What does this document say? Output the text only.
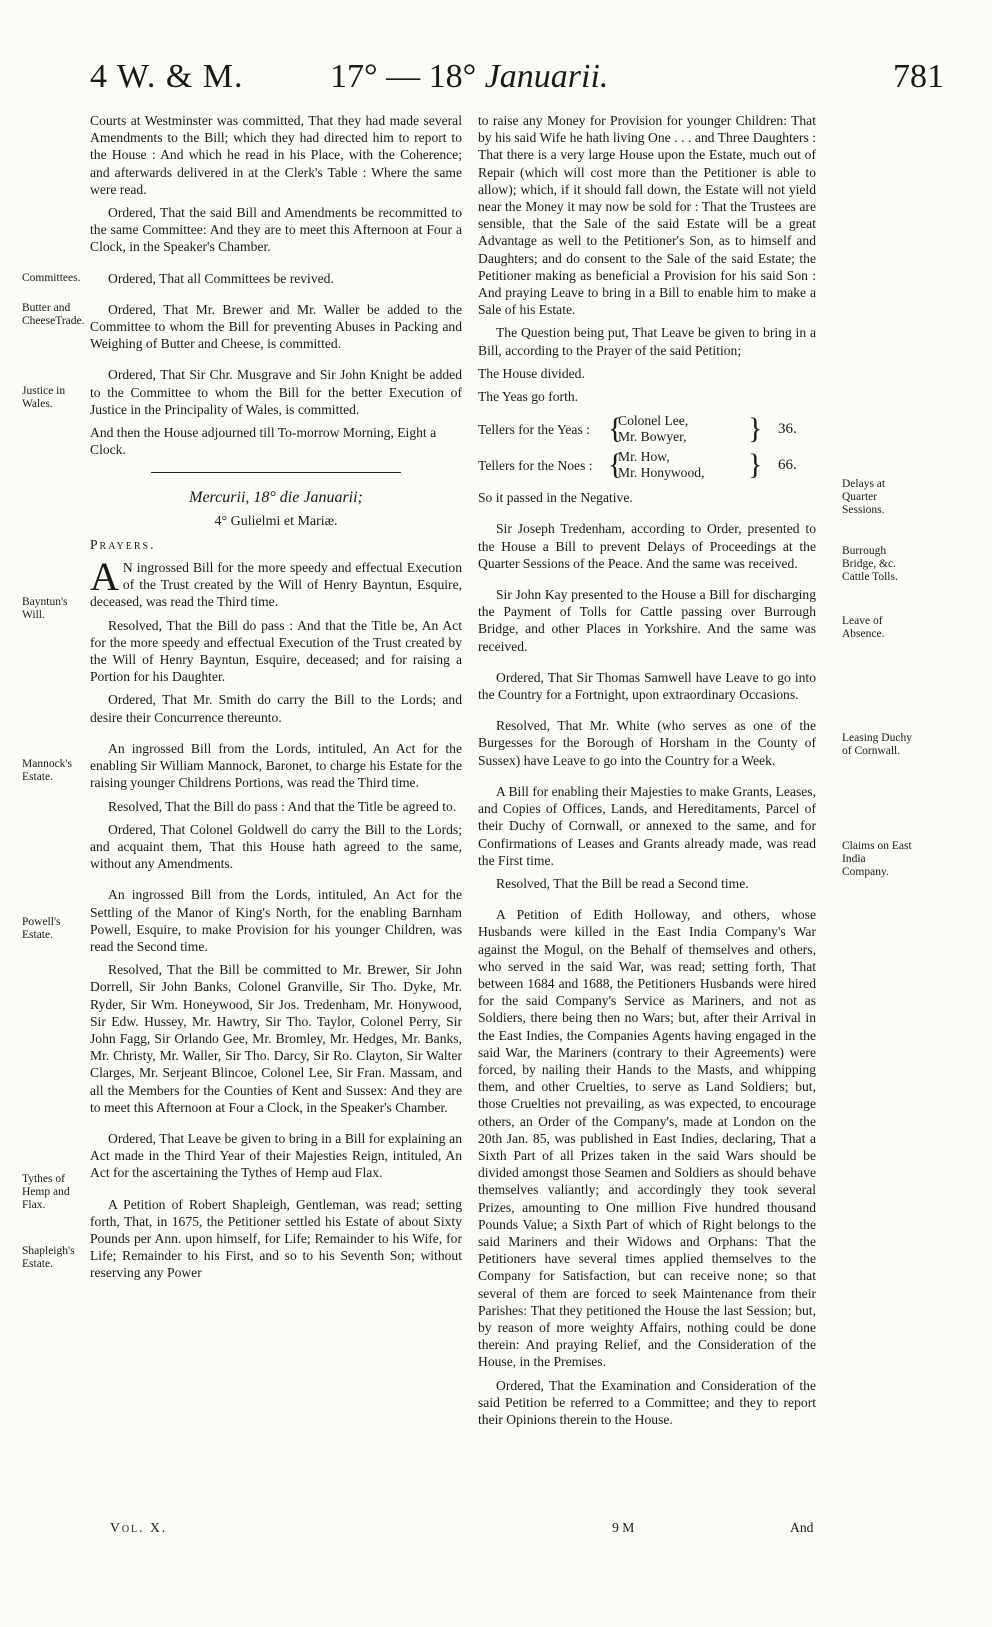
4 W. & M.	17° — 18° Januarii.	781
Committees.
Butter and CheeseTrade.
Justice in Wales.
Bayntun's Will.
Mannock's Estate.
Powell's Estate.
Tythes of Hemp and Flax.
Shapleigh's Estate.
Delays at Quarter Sessions.
Burrough Bridge, &c. Cattle Tolls.
Leave of Absence.
Leasing Duchy of Cornwall.
Claims on East India Company.

Courts at Westminster was committed, That they had made several Amendments to the Bill; which they had directed him to report to the House : And which he read in his Place, with the Coherence; and afterwards delivered in at the Clerk's Table : Where the same were read.

Ordered, That the said Bill and Amendments be recommitted to the same Committee: And they are to meet this Afternoon at Four a Clock, in the Speaker's Chamber.

Ordered, That all Committees be revived.

Ordered, That Mr. Brewer and Mr. Waller be added to the Committee to whom the Bill for preventing Abuses in Packing and Weighing of Butter and Cheese, is committed.

Ordered, That Sir Chr. Musgrave and Sir John Knight be added to the Committee to whom the Bill for the better Execution of Justice in the Principality of Wales, is committed.

And then the House adjourned till To-morrow Morning, Eight a Clock.

Mercurii, 18° die Januarii;

4° Gulielmi et Mariæ.

Prayers.

A N ingrossed Bill for the more speedy and effectual Execution of the Trust created by the Will of Henry Bayntun, Esquire, deceased, was read the Third time.

Resolved, That the Bill do pass : And that the Title be, An Act for the more speedy and effectual Execution of the Trust created by the Will of Henry Bayntun, Esquire, deceased; and for raising a Portion for his Daughter.

Ordered, That Mr. Smith do carry the Bill to the Lords; and desire their Concurrence thereunto.

An ingrossed Bill from the Lords, intituled, An Act for the enabling Sir William Mannock, Baronet, to charge his Estate for the raising younger Childrens Portions, was read the Third time.

Resolved, That the Bill do pass : And that the Title be agreed to.

Ordered, That Colonel Goldwell do carry the Bill to the Lords; and acquaint them, That this House hath agreed to the same, without any Amendments.

An ingrossed Bill from the Lords, intituled, An Act for the Settling of the Manor of King's North, for the enabling Barnham Powell, Esquire, to make Provision for his younger Children, was read the Second time.

Resolved, That the Bill be committed to Mr. Brewer, Sir John Dorrell, Sir John Banks, Colonel Granville, Sir Tho. Dyke, Mr. Ryder, Sir Wm. Honeywood, Sir Jos. Tredenham, Mr. Honywood, Sir Edw. Hussey, Mr. Hawtry, Sir Tho. Taylor, Colonel Perry, Sir John Fagg, Sir Orlando Gee, Mr. Bromley, Mr. Hedges, Mr. Banks, Mr. Christy, Mr. Waller, Sir Tho. Darcy, Sir Ro. Clayton, Sir Walter Clarges, Mr. Serjeant Blincoe, Colonel Lee, Sir Fran. Massam, and all the Members for the Counties of Kent and Sussex: And they are to meet this Afternoon at Four a Clock, in the Speaker's Chamber.

Ordered, That Leave be given to bring in a Bill for explaining an Act made in the Third Year of their Majesties Reign, intituled, An Act for the ascertaining the Tythes of Hemp aud Flax.

A Petition of Robert Shapleigh, Gentleman, was read; setting forth, That, in 1675, the Petitioner settled his Estate of about Sixty Pounds per Ann. upon himself, for Life; Remainder to his Wife, for Life; Remainder to his First, and so to his Seventh Son; without reserving any Power

to raise any Money for Provision for younger Children: That by his said Wife he hath living One . . . and Three Daughters : That there is a very large House upon the Estate, much out of Repair (which will cost more than the Petitioner is able to allow); which, if it should fall down, the Estate will not yield near the Money it may now be sold for : That the Trustees are sensible, that the Sale of the said Estate will be a great Advantage as well to the Petitioner's Son, as to himself and Daughters; and do consent to the Sale of the said Estate; the Petitioner making as beneficial a Provision for his said Son : And praying Leave to bring in a Bill to enable him to make a Sale of his Estate.

The Question being put, That Leave be given to bring in a Bill, according to the Prayer of the said Petition;

The House divided.

The Yeas go forth.

Tellers for the Yeas : {
Colonel Lee,
Mr. Bowyer,	}	36.
Tellers for the Noes : {
Mr. How,
Mr. Honywood,	}	66.

So it passed in the Negative.

Sir Joseph Tredenham, according to Order, presented to the House a Bill to prevent Delays of Proceedings at the Quarter Sessions of the Peace. And the same was received.

Sir John Kay presented to the House a Bill for discharging the Payment of Tolls for Cattle passing over Burrough Bridge, and other Places in Yorkshire. And the same was received.

Ordered, That Sir Thomas Samwell have Leave to go into the Country for a Fortnight, upon extraordinary Occasions.

Resolved, That Mr. White (who serves as one of the Burgesses for the Borough of Horsham in the County of Sussex) have Leave to go into the Country for a Week.

A Bill for enabling their Majesties to make Grants, Leases, and Copies of Offices, Lands, and Hereditaments, Parcel of their Duchy of Cornwall, or annexed to the same, and for Confirmations of Leases and Grants already made, was read the First time.

Resolved, That the Bill be read a Second time.

A Petition of Edith Holloway, and others, whose Husbands were killed in the East India Company's War against the Mogul, on the Behalf of themselves and others, who served in the said War, was read; setting forth, That between 1684 and 1688, the Petitioners Husbands were hired for the said Company's Service as Mariners, and not as Soldiers, there being then no Wars; but, after their Arrival in the East Indies, the Companies Agents having engaged in the said War, the Mariners (contrary to their Agreements) were forced, by nailing their Hands to the Masts, and whipping them, and other Cruelties, to serve as Land Soldiers; but, those Cruelties not prevailing, as was expected, to encourage others, an Order of the Company's, made at London on the 20th Jan. 85, was published in East Indies, declaring, That a Sixth Part of all Prizes taken in the said Wars should be divided amongst those Seamen and Soldiers as should behave themselves valiantly; and accordingly they took several Prizes, amounting to One million Five hundred thousand Pounds Value; a Sixth Part of which of Right belongs to the said Mariners and their Widows and Orphans: That the Petitioners have several times applied themselves to the Company for Satisfaction, but can receive none; so that several of them are forced to seek Maintenance from their Parishes: That they petitioned the House the last Session; but, by reason of more weighty Affairs, nothing could be done therein: And praying Relief, and the Consideration of the House, in the Premises.

Ordered, That the Examination and Consideration of the said Petition be referred to a Committee; and they to report their Opinions therein to the House.

Vol. X.	9 M	And
